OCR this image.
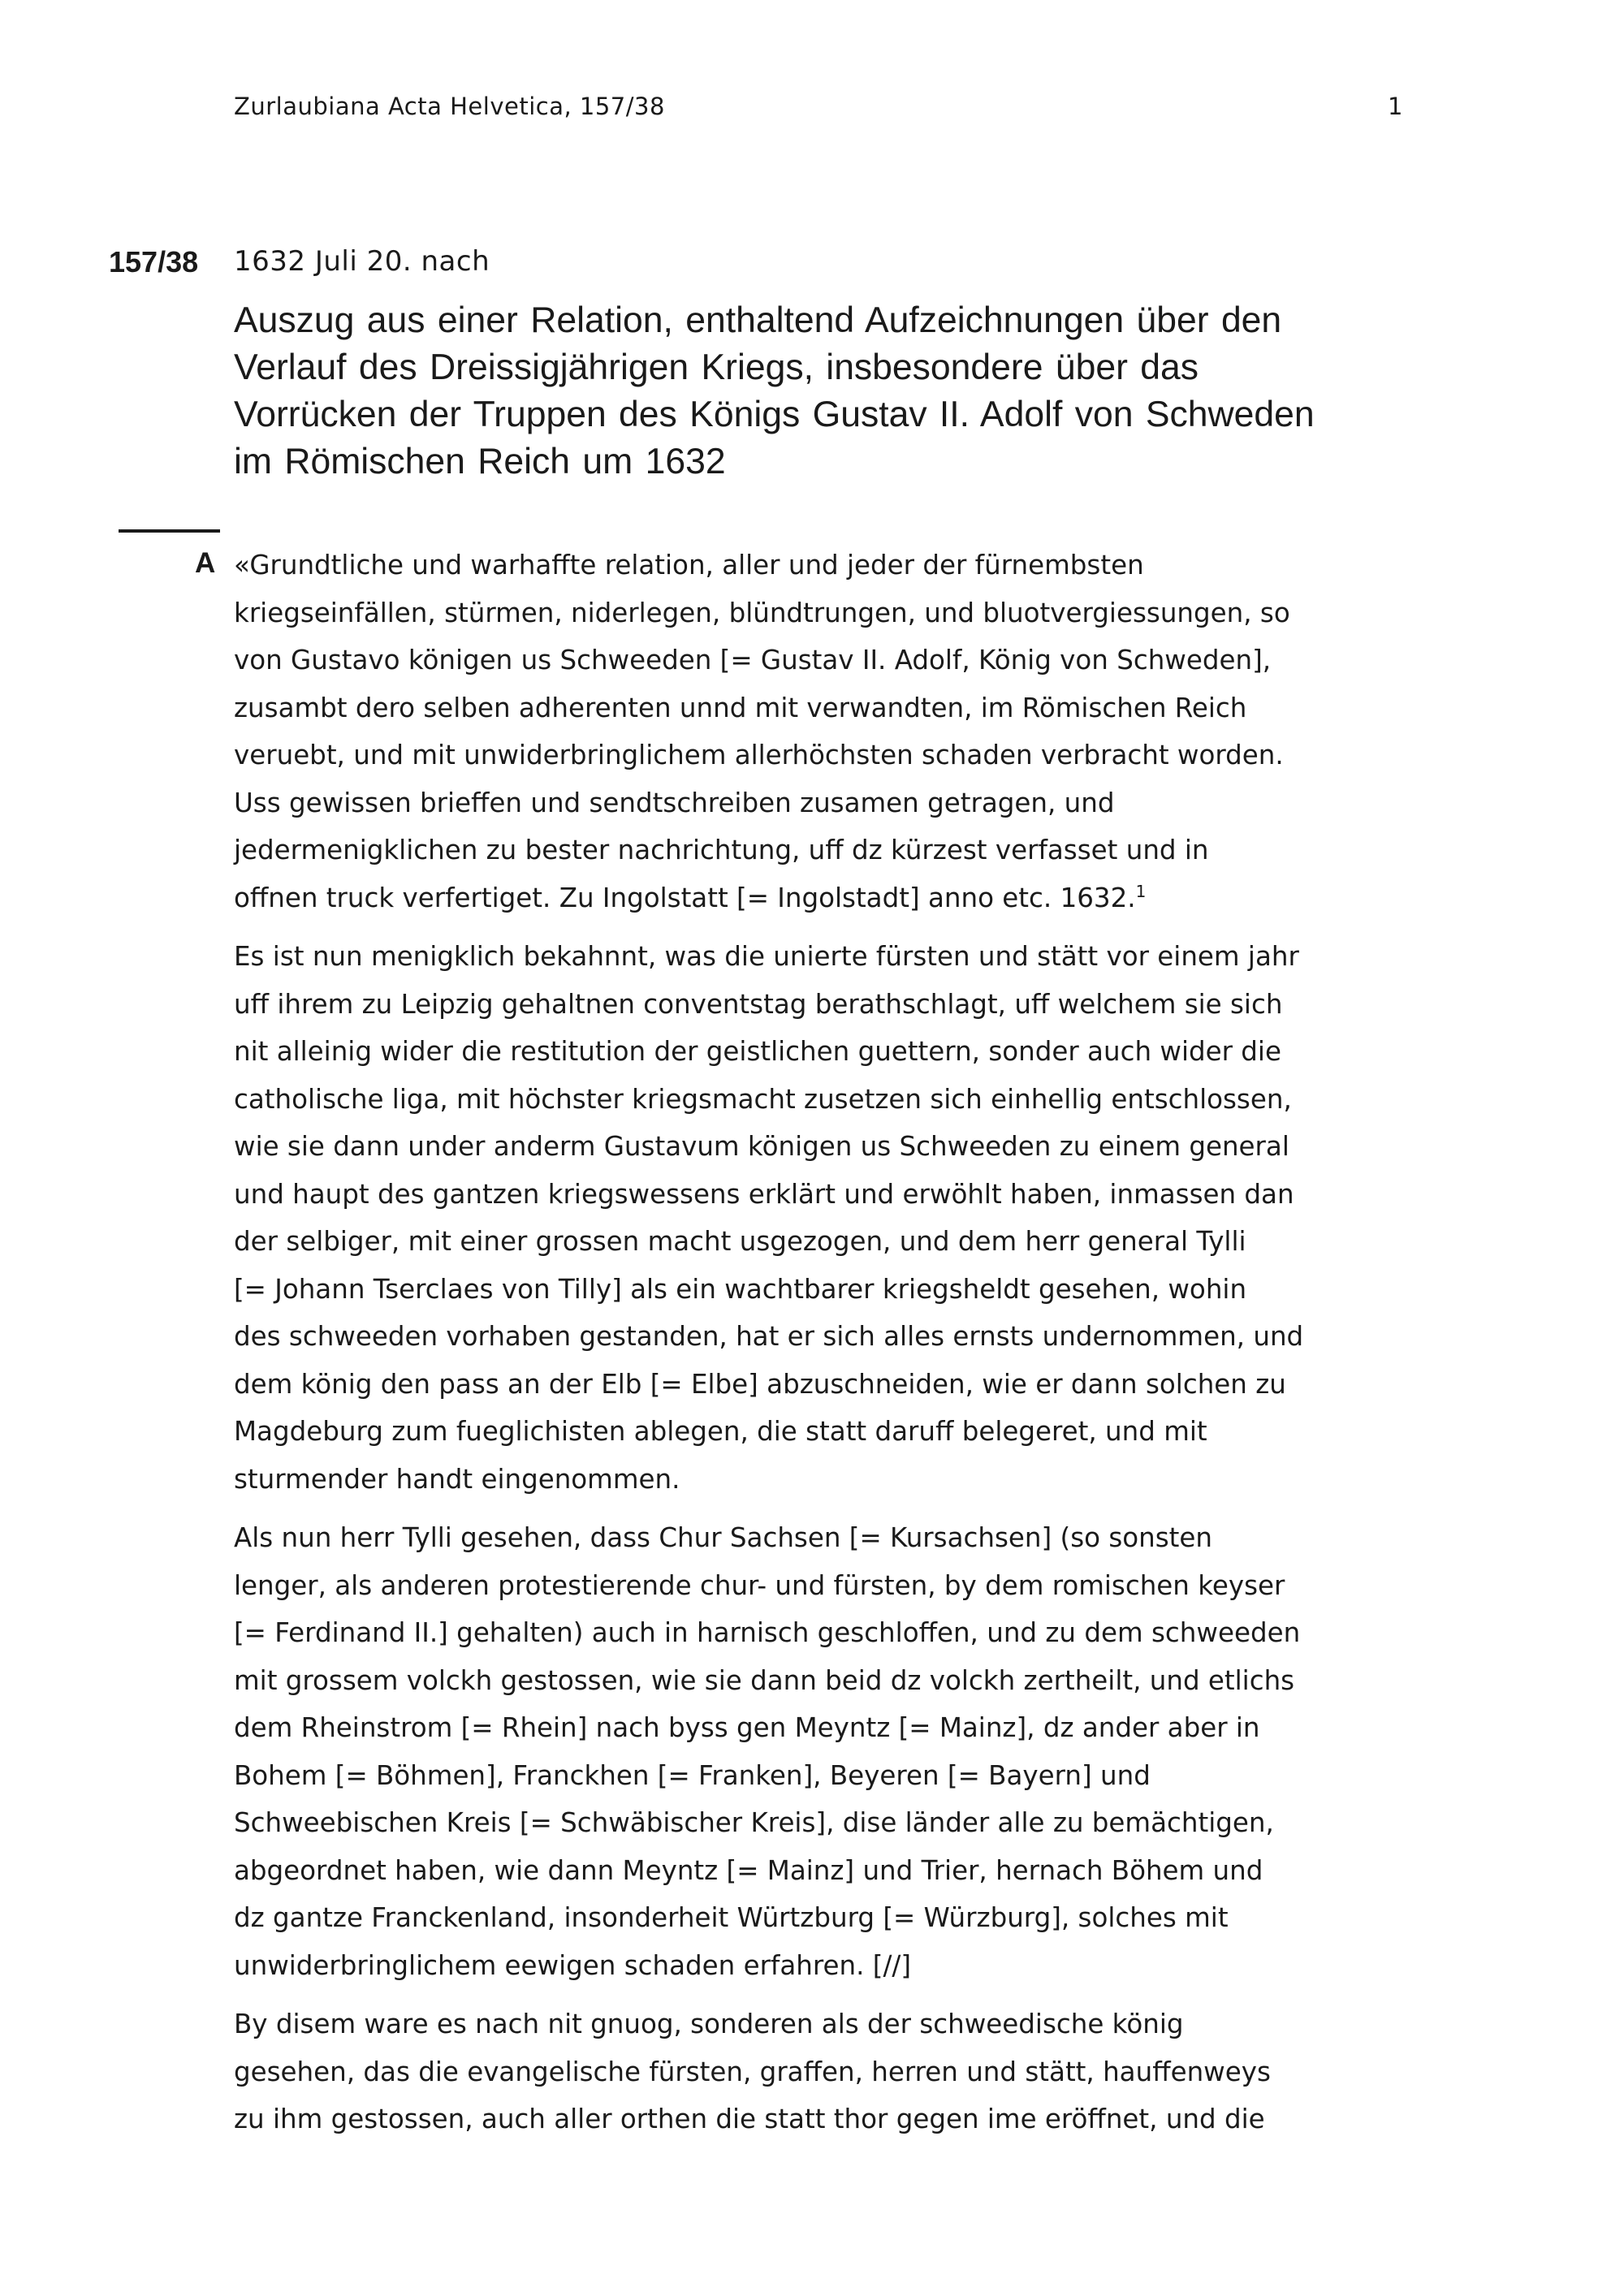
Zurlaubiana Acta Helvetica, 157/38	1
157/38 1632 Juli 20. nach
Auszug aus einer Relation, enthaltend Aufzeichnungen über den
Verlauf des Dreissigjährigen Kriegs, insbesondere über das
Vorrücken der Truppen des Königs Gustav II. Adolf von Schweden
im Römischen Reich um 1632
A «Grundtliche und warhaffte relation, aller und jeder der fürnembsten
kriegseinfällen, stürmen, niderlegen, blündtrungen, und bluotvergiessungen, so
von Gustavo königen us Schweeden [= Gustav II. Adolf, König von Schweden],
zusambt dero selben adherenten unnd mit verwandten, im Römischen Reich
veruebt, und mit unwiderbringlichem allerhöchsten schaden verbracht worden.
Uss gewissen brieffen und sendtschreiben zusamen getragen, und
jedermenigklichen zu bester nachrichtung, uff dz kürzest verfasset und in
offnen truck verfertiget. Zu Ingolstatt [= Ingolstadt] anno etc. 1632.$^1$

Es ist nun menigklich bekahnnt, was die unierte fürsten und stätt vor einem jahr
uff ihrem zu Leipzig gehaltnen conventstag berathschlagt, uff welchem sie sich
nit alleinig wider die restitution der geistlichen guettern, sonder auch wider die
catholische liga, mit höchster kriegsmacht zusetzen sich einhellig entschlossen,
wie sie dann under anderm Gustavum königen us Schweeden zu einem general
und haupt des gantzen kriegswessens erklärt und erwöhlt haben, inmassen dan
der selbiger, mit einer grossen macht usgezogen, und dem herr general Tylli
[= Johann Tserclaes von Tilly] als ein wachtbarer kriegsheldt gesehen, wohin
des schweeden vorhaben gestanden, hat er sich alles ernsts undernommen, und
dem könig den pass an der Elb [= Elbe] abzuschneiden, wie er dann solchen zu
Magdeburg zum fueglichisten ablegen, die statt daruff belegeret, und mit
sturmender handt eingenommen.

Als nun herr Tylli gesehen, dass Chur Sachsen [= Kursachsen] (so sonsten
lenger, als anderen protestierende chur- und fürsten, by dem romischen keyser
[= Ferdinand II.] gehalten) auch in harnisch geschloffen, und zu dem schweeden
mit grossem volckh gestossen, wie sie dann beid dz volckh zertheilt, und etlichs
dem Rheinstrom [= Rhein] nach byss gen Meyntz [= Mainz], dz ander aber in
Bohem [= Böhmen], Franckhen [= Franken], Beyeren [= Bayern] und
Schweebischen Kreis [= Schwäbischer Kreis], dise länder alle zu bemächtigen,
abgeordnet haben, wie dann Meyntz [= Mainz] und Trier, hernach Böhem und
dz gantze Franckenland, insonderheit Würtzburg [= Würzburg], solches mit
unwiderbringlichem eewigen schaden erfahren. [//]

By disem ware es nach nit gnuog, sonderen als der schweedische könig
gesehen, das die evangelische fürsten, graffen, herren und stätt, hauffenweys
zu ihm gestossen, auch aller orthen die statt thor gegen ime eröffnet, und die
